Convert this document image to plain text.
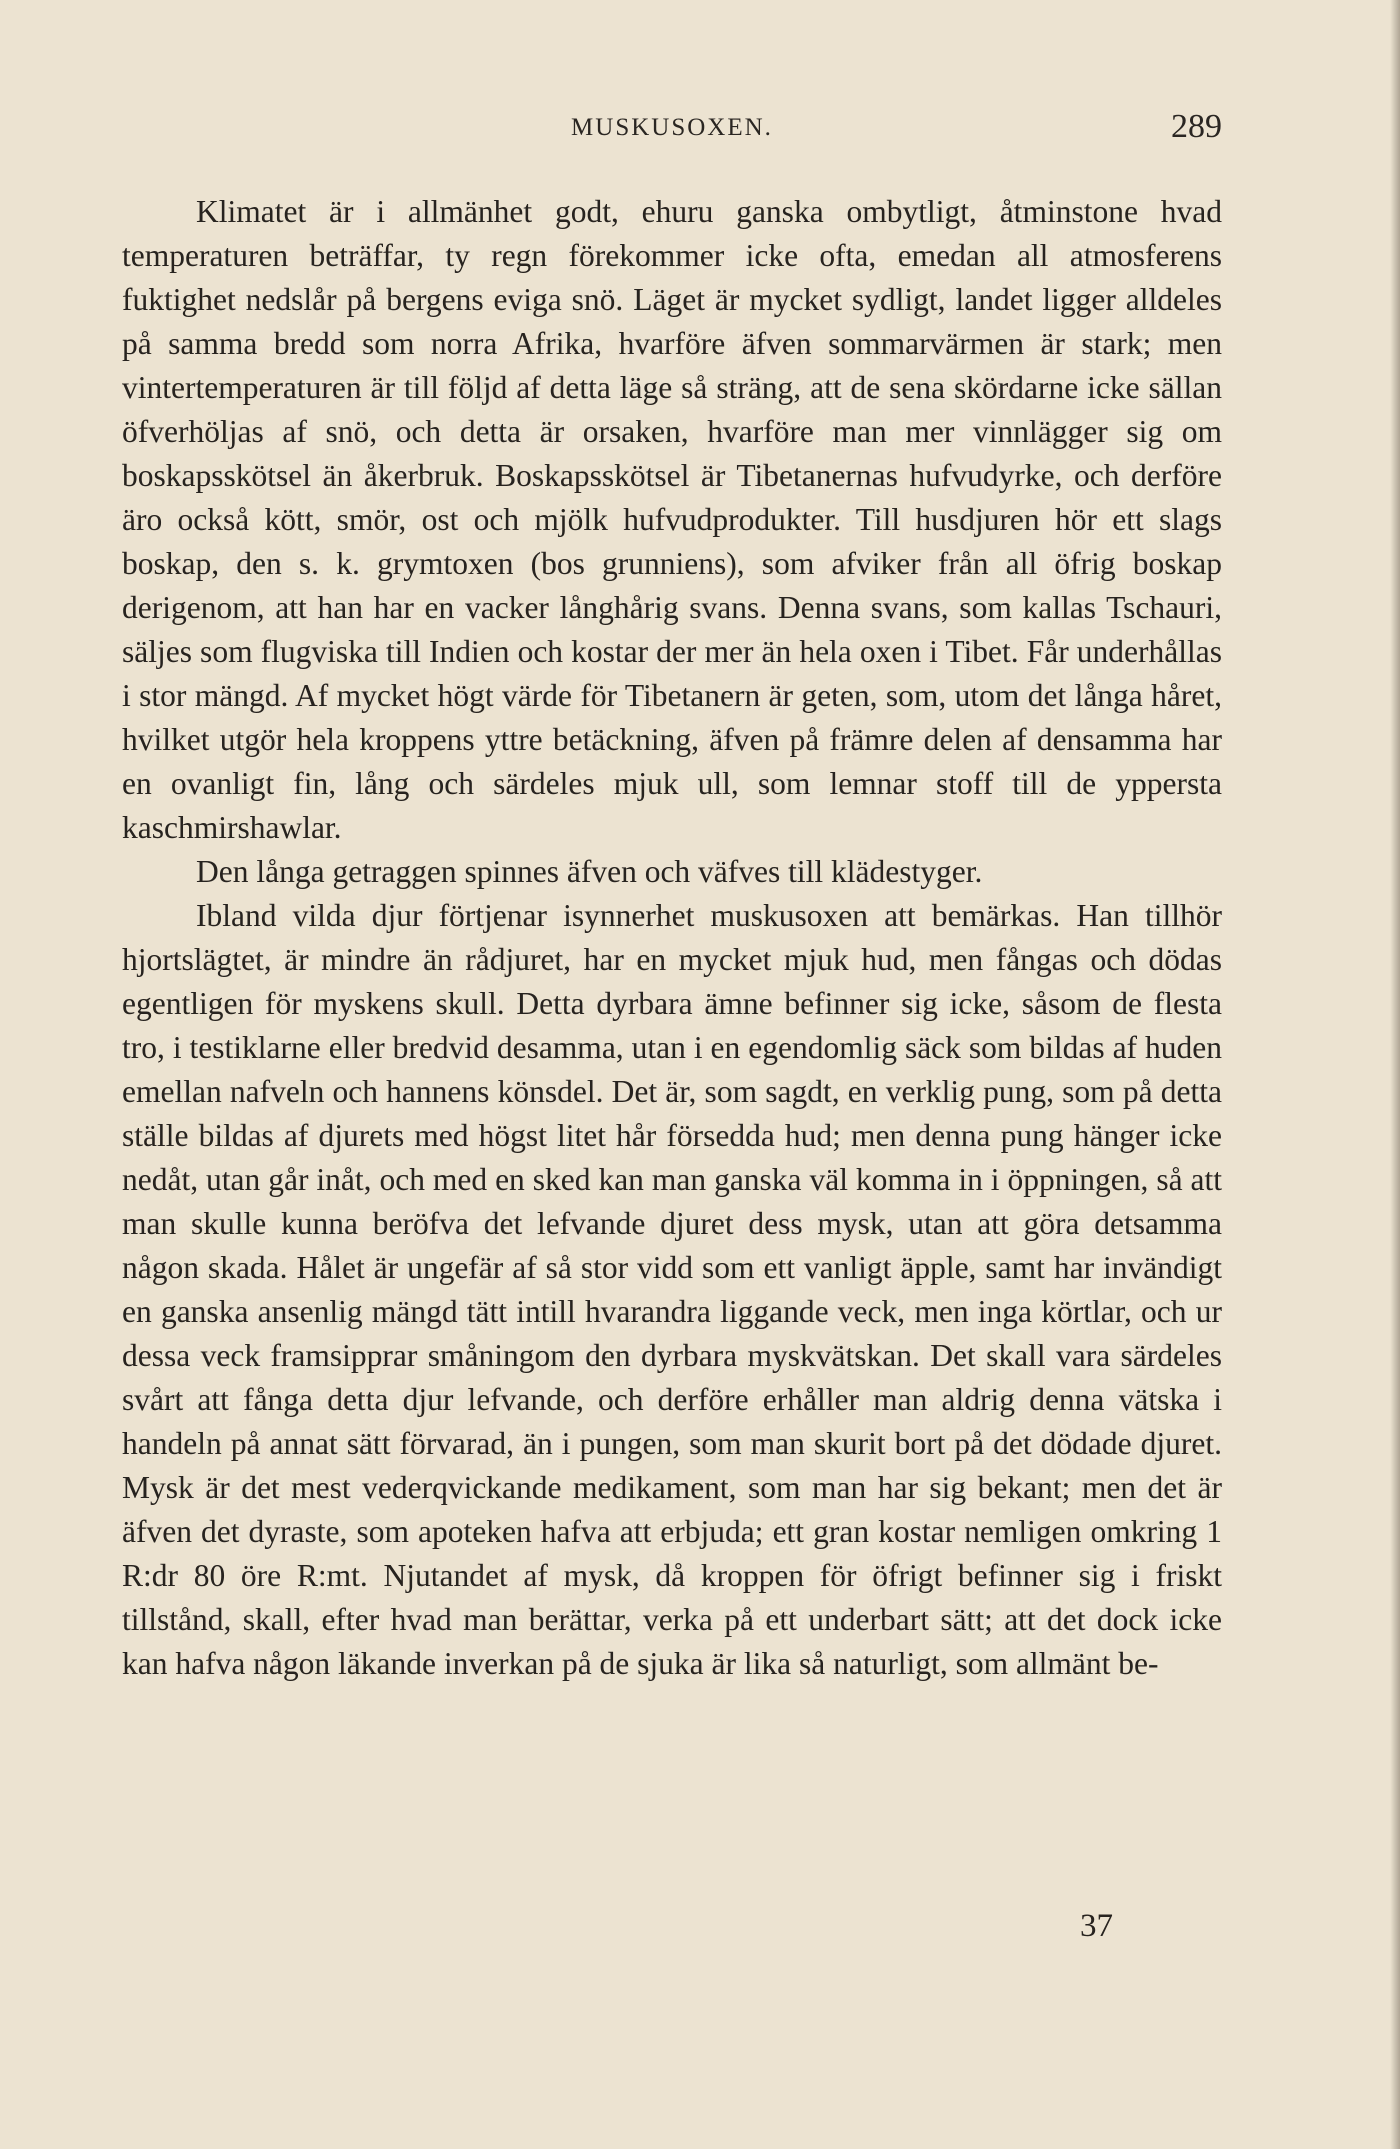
MUSKUSOXEN.	289

Klimatet är i allmänhet godt, ehuru ganska ombytligt, åtminstone hvad temperaturen beträffar, ty regn förekommer icke ofta, emedan all atmosferens fuktighet nedslår på bergens eviga snö. Läget är mycket sydligt, landet ligger alldeles på samma bredd som norra Afrika, hvarföre äfven sommarvärmen är stark; men vintertemperaturen är till följd af detta läge så sträng, att de sena skördarne icke sällan öfverhöljas af snö, och detta är orsaken, hvarföre man mer vinnlägger sig om boskapsskötsel än åkerbruk. Boskapsskötsel är Tibetanernas hufvudyrke, och derföre äro också kött, smör, ost och mjölk hufvudprodukter. Till husdjuren hör ett slags boskap, den s. k. grymtoxen (bos grunniens), som afviker från all öfrig boskap derigenom, att han har en vacker långhårig svans. Denna svans, som kallas Tschauri, säljes som flugviska till Indien och kostar der mer än hela oxen i Tibet. Får underhållas i stor mängd. Af mycket högt värde för Tibetanern är geten, som, utom det långa håret, hvilket utgör hela kroppens yttre betäckning, äfven på främre delen af densamma har en ovanligt fin, lång och särdeles mjuk ull, som lemnar stoff till de yppersta kaschmirshawlar.

Den långa getraggen spinnes äfven och väfves till klädestyger.

Ibland vilda djur förtjenar isynnerhet muskusoxen att bemärkas. Han tillhör hjortslägtet, är mindre än rådjuret, har en mycket mjuk hud, men fångas och dödas egentligen för myskens skull. Detta dyrbara ämne befinner sig icke, såsom de flesta tro, i testiklarne eller bredvid desamma, utan i en egendomlig säck som bildas af huden emellan nafveln och hannens könsdel. Det är, som sagdt, en verklig pung, som på detta ställe bildas af djurets med högst litet hår försedda hud; men denna pung hänger icke nedåt, utan går inåt, och med en sked kan man ganska väl komma in i öppningen, så att man skulle kunna beröfva det lefvande djuret dess mysk, utan att göra detsamma någon skada. Hålet är ungefär af så stor vidd som ett vanligt äpple, samt har invändigt en ganska ansenlig mängd tätt intill hvarandra liggande veck, men inga körtlar, och ur dessa veck framsipprar småningom den dyrbara myskvätskan. Det skall vara särdeles svårt att fånga detta djur lefvande, och derföre erhåller man aldrig denna vätska i handeln på annat sätt förvarad, än i pungen, som man skurit bort på det dödade djuret. Mysk är det mest vederqvickande medikament, som man har sig bekant; men det är äfven det dyraste, som apoteken hafva att erbjuda; ett gran kostar nemligen omkring 1 R:dr 80 öre R:mt. Njutandet af mysk, då kroppen för öfrigt befinner sig i friskt tillstånd, skall, efter hvad man berättar, verka på ett underbart sätt; att det dock icke kan hafva någon läkande inverkan på de sjuka är lika så naturligt, som allmänt be-

37
